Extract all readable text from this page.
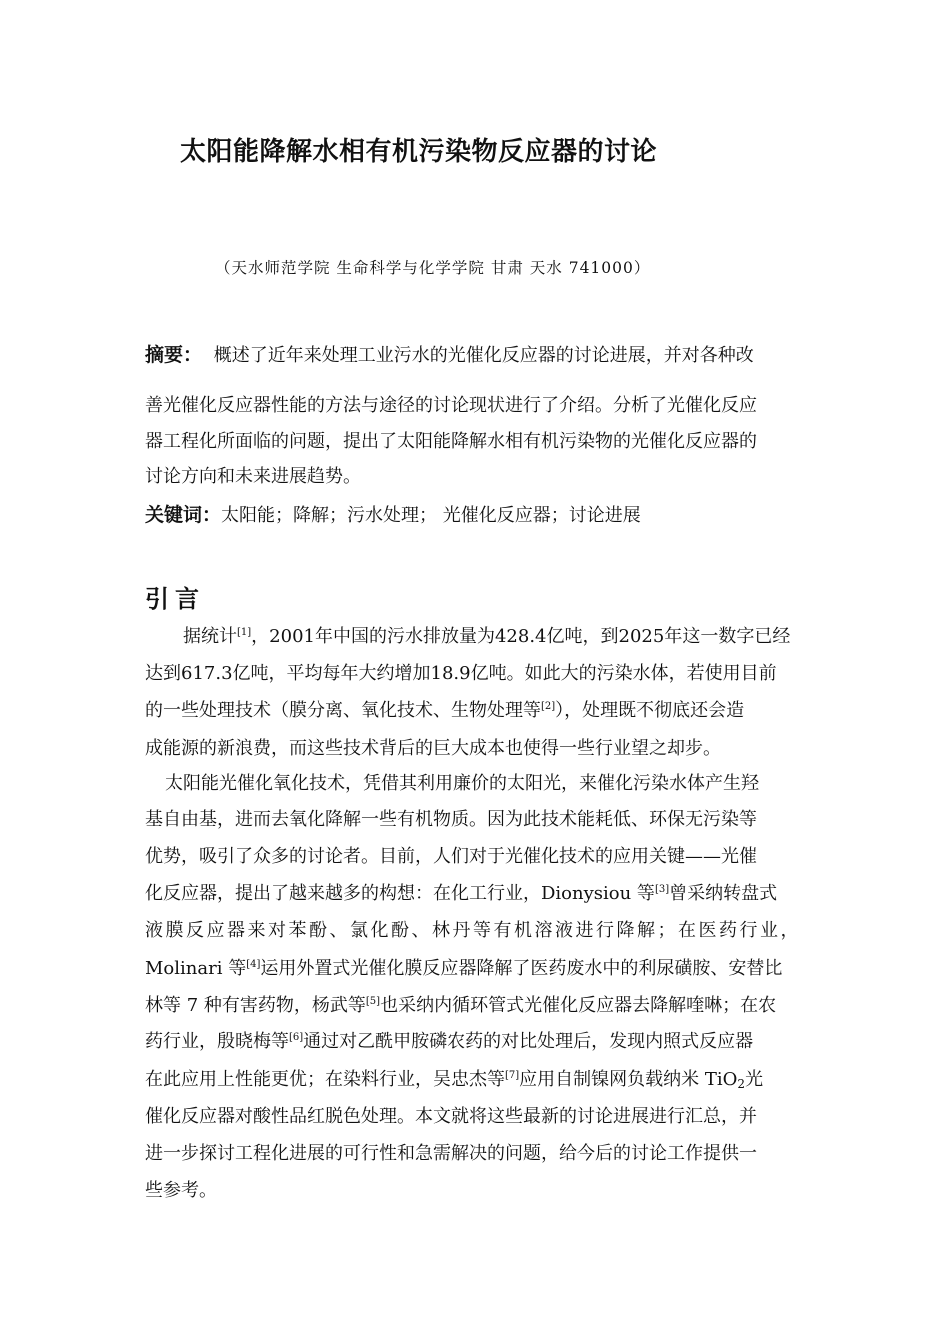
太阳能降解水相有机污染物反应器的讨论
（天水师范学院 生命科学与化学学院 甘肃 天水 741000）
摘要： 概述了近年来处理工业污水的光催化反应器的讨论进展，并对各种改
善光催化反应器性能的方法与途径的讨论现状进行了介绍。分析了光催化反应
器工程化所面临的问题，提出了太阳能降解水相有机污染物的光催化反应器的
讨论方向和未来进展趋势。
关键词：太阳能；降解；污水处理； 光催化反应器；讨论进展
引言
据统计[1]，2001年中国的污水排放量为428.4亿吨，到2025年这一数字已经
达到617.3亿吨，平均每年大约增加18.9亿吨。如此大的污染水体，若使用目前
的一些处理技术（膜分离、氧化技术、生物处理等[2]），处理既不彻底还会造
成能源的新浪费，而这些技术背后的巨大成本也使得一些行业望之却步。
太阳能光催化氧化技术，凭借其利用廉价的太阳光，来催化污染水体产生羟
基自由基，进而去氧化降解一些有机物质。因为此技术能耗低、环保无污染等
优势，吸引了众多的讨论者。目前，人们对于光催化技术的应用关键——光催
化反应器，提出了越来越多的构想：在化工行业，Dionysiou 等[3]曾采纳转盘式
液膜反应器来对苯酚、氯化酚、林丹等有机溶液进行降解；在医药行业，
Molinari 等[4]运用外置式光催化膜反应器降解了医药废水中的利尿磺胺、安替比
林等 7 种有害药物，杨武等[5]也采纳内循环管式光催化反应器去降解喹啉；在农
药行业，殷晓梅等[6]通过对乙酰甲胺磷农药的对比处理后，发现内照式反应器
在此应用上性能更优；在染料行业，吴忠杰等[7]应用自制镍网负载纳米 TiO$_2$光
催化反应器对酸性品红脱色处理。本文就将这些最新的讨论进展进行汇总，并
进一步探讨工程化进展的可行性和急需解决的问题，给今后的讨论工作提供一
些参考。
